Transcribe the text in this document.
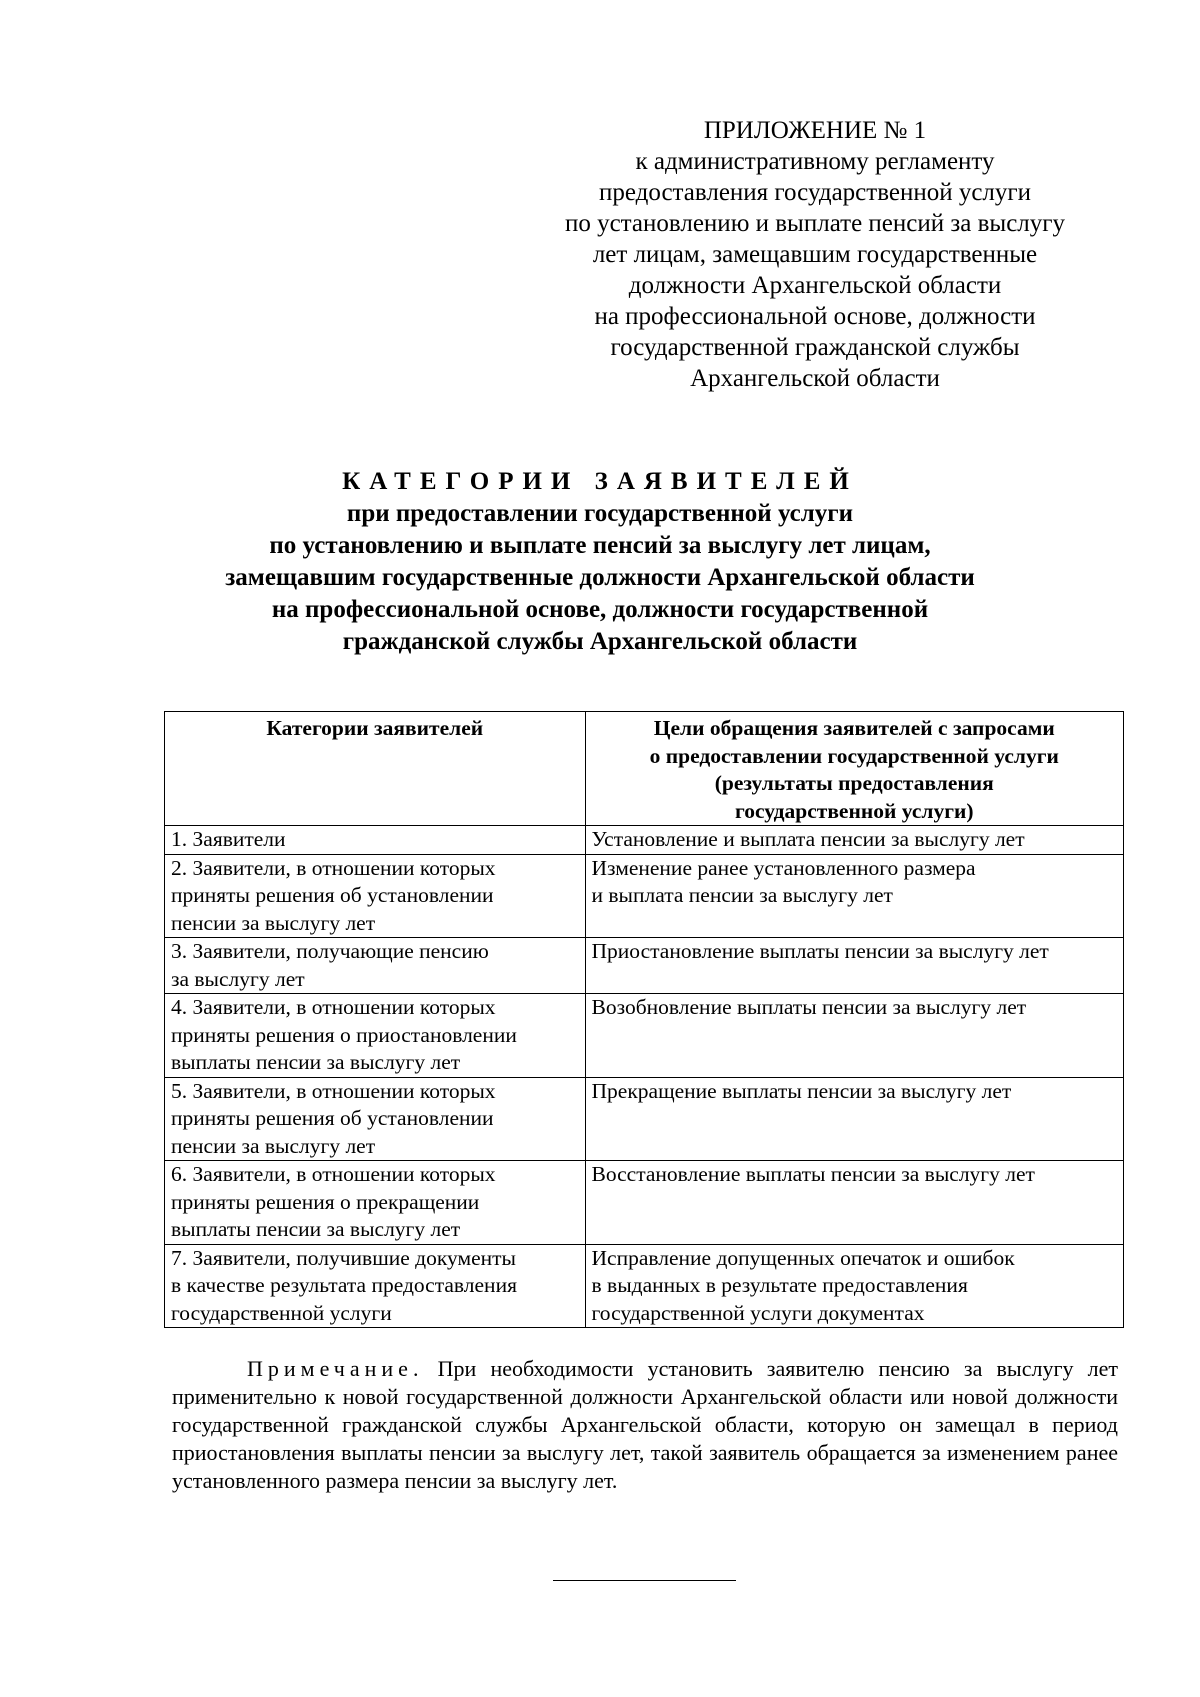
ПРИЛОЖЕНИЕ № 1
к административному регламенту
предоставления государственной услуги
по установлению и выплате пенсий за выслугу
лет лицам, замещавшим государственные
должности Архангельской области
на профессиональной основе, должности
государственной гражданской службы
Архангельской области
КАТЕГОРИИ ЗАЯВИТЕЛЕЙ
при предоставлении государственной услуги
по установлению и выплате пенсий за выслугу лет лицам,
замещавшим государственные должности Архангельской области
на профессиональной основе, должности государственной
гражданской службы Архангельской области
Категории заявителей	Цели обращения заявителей с запросами
о предоставлении государственной услуги
(результаты предоставления
государственной услуги)

1. Заявители	Установление и выплата пенсии за выслугу лет

2. Заявители, в отношении которых
приняты решения об установлении
пенсии за выслугу лет	Изменение ранее установленного размера
и выплата пенсии за выслугу лет

3. Заявители, получающие пенсию
за выслугу лет	Приостановление выплаты пенсии за выслугу лет

4. Заявители, в отношении которых
приняты решения о приостановлении
выплаты пенсии за выслугу лет	Возобновление выплаты пенсии за выслугу лет

5. Заявители, в отношении которых
приняты решения об установлении
пенсии за выслугу лет	Прекращение выплаты пенсии за выслугу лет

6. Заявители, в отношении которых
приняты решения о прекращении
выплаты пенсии за выслугу лет	Восстановление выплаты пенсии за выслугу лет

7. Заявители, получившие документы
в качестве результата предоставления
государственной услуги	Исправление допущенных опечаток и ошибок
в выданных в результате предоставления
государственной услуги документах
Примечание. При необходимости установить заявителю пенсию за выслугу лет применительно к новой государственной должности Архангельской области или новой должности государственной гражданской службы Архангельской области, которую он замещал в период приостановления выплаты пенсии за выслугу лет, такой заявитель обращается за изменением ранее установленного размера пенсии за выслугу лет.
